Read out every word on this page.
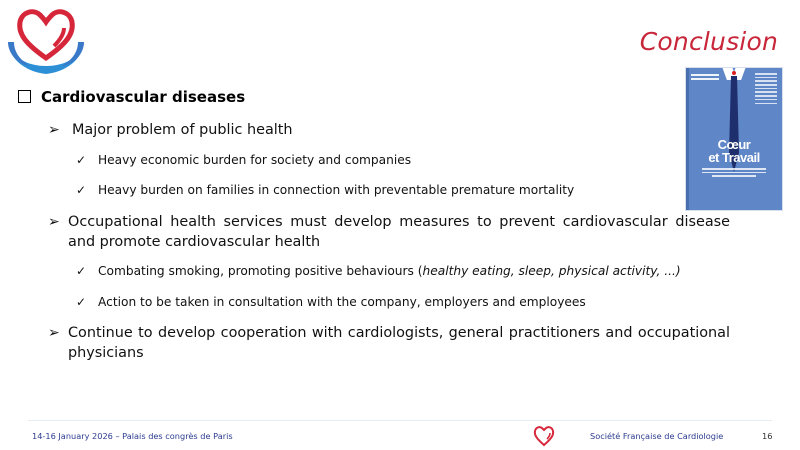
Conclusion
Cœur
et Travail
Cardiovascular diseases
➢ Major problem of public health
✓ Heavy economic burden for society and companies
✓ Heavy burden on families in connection with preventable premature mortality
➢ Occupational health services must develop measures to prevent cardiovascular disease and promote cardiovascular health
✓ Combating smoking, promoting positive behaviours (healthy eating, sleep, physical activity, ...)
✓ Action to be taken in consultation with the company, employers and employees
➢ Continue to develop cooperation with cardiologists, general practitioners and occupational physicians
14-16 January 2026 – Palais des congrès de Paris	Société Française de Cardiologie	16
